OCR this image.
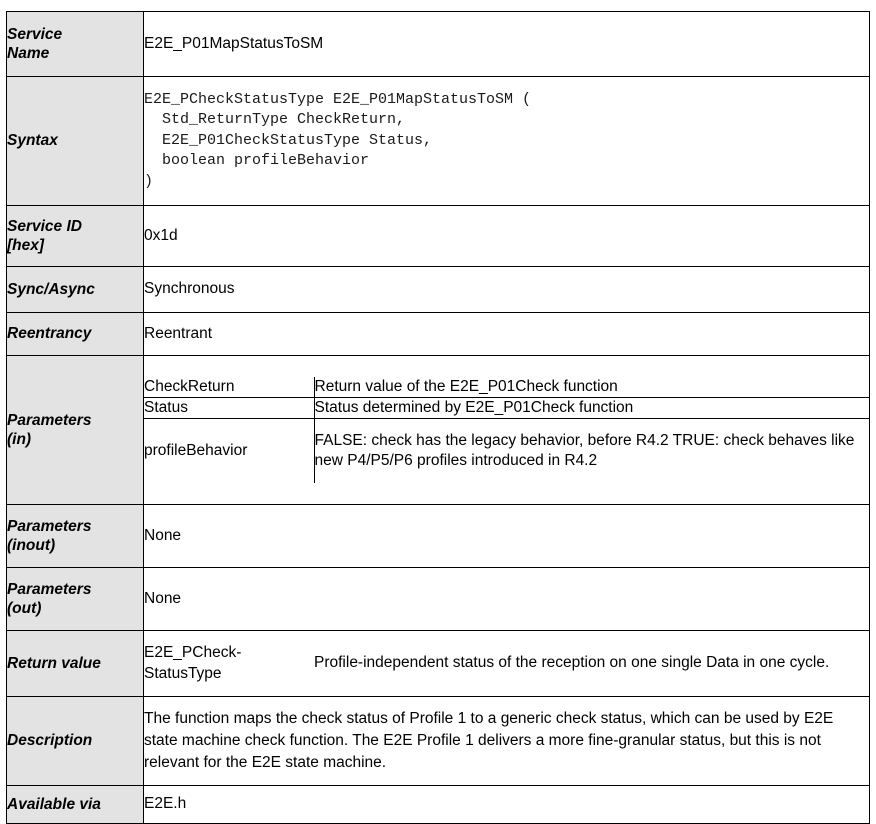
Service
Name
	E2E_P01MapStatusToSM

Syntax

E2E_PCheckStatusType E2E_P01MapStatusToSM (
Std_ReturnType CheckReturn,
E2E_P01CheckStatusType Status,
boolean profileBehavior
)

Service ID
[hex]
	0x1d

Sync/Async	Synchronous

Reentrancy	Reentrant

Parameters
(in)

CheckReturn	Return value of the E2E_P01Check function
Status	Status determined by E2E_P01Check function
profileBehavior	FALSE: check has the legacy behavior, before R4.2 TRUE: check behaves like new P4/P5/P6 profiles introduced in R4.2

Parameters
(inout)
	None

Parameters
(out)
	None

Return value

E2E_PCheck-
StatusType	Profile-independent status of the reception on one single Data in one cycle.

Description
	The function maps the check status of Profile 1 to a generic check status, which can be used by E2E state machine check function. The E2E Profile 1 delivers a more fine-granular status, but this is not relevant for the E2E state machine.

Available via	E2E.h
